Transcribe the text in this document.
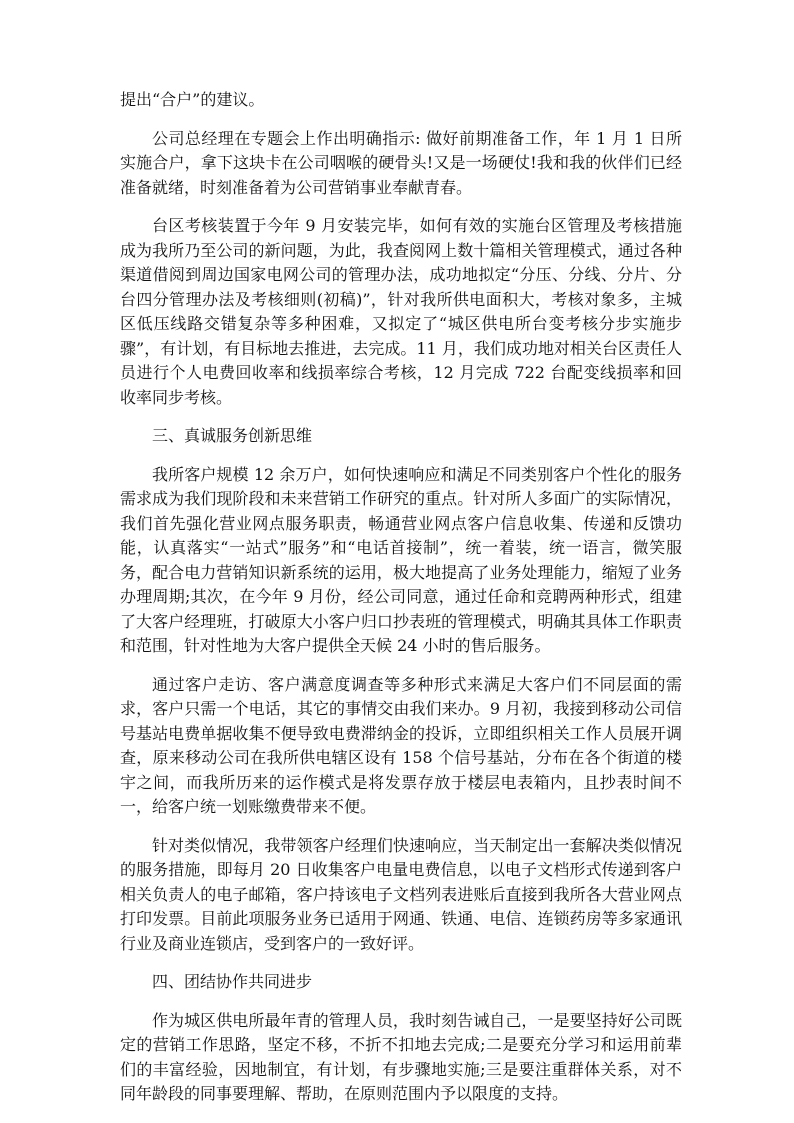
提出“合户”的建议。

公司总经理在专题会上作出明确指示: 做好前期准备工作，年 1 月 1 日所实施合户，拿下这块卡在公司咽喉的硬骨头!又是一场硬仗!我和我的伙伴们已经准备就绪，时刻准备着为公司营销事业奉献青春。

台区考核装置于今年 9 月安装完毕，如何有效的实施台区管理及考核措施成为我所乃至公司的新问题，为此，我查阅网上数十篇相关管理模式，通过各种渠道借阅到周边国家电网公司的管理办法，成功地拟定“分压、分线、分片、分台四分管理办法及考核细则(初稿)”，针对我所供电面积大，考核对象多，主城区低压线路交错复杂等多种困难，又拟定了“城区供电所台变考核分步实施步骤”，有计划，有目标地去推进，去完成。11 月，我们成功地对相关台区责任人员进行个人电费回收率和线损率综合考核，12 月完成 722 台配变线损率和回收率同步考核。

三、真诚服务创新思维

我所客户规模 12 余万户，如何快速响应和满足不同类别客户个性化的服务需求成为我们现阶段和未来营销工作研究的重点。针对所人多面广的实际情况，我们首先强化营业网点服务职责，畅通营业网点客户信息收集、传递和反馈功能，认真落实“一站式”服务”和“电话首接制”，统一着装，统一语言，微笑服务，配合电力营销知识新系统的运用，极大地提高了业务处理能力，缩短了业务办理周期;其次，在今年 9 月份，经公司同意，通过任命和竞聘两种形式，组建了大客户经理班，打破原大小客户归口抄表班的管理模式，明确其具体工作职责和范围，针对性地为大客户提供全天候 24 小时的售后服务。

通过客户走访、客户满意度调查等多种形式来满足大客户们不同层面的需求，客户只需一个电话，其它的事情交由我们来办。9 月初，我接到移动公司信号基站电费单据收集不便导致电费滞纳金的投诉，立即组织相关工作人员展开调查，原来移动公司在我所供电辖区设有 158 个信号基站，分布在各个街道的楼宇之间，而我所历来的运作模式是将发票存放于楼层电表箱内，且抄表时间不一，给客户统一划账缴费带来不便。

针对类似情况，我带领客户经理们快速响应，当天制定出一套解决类似情况的服务措施，即每月 20 日收集客户电量电费信息，以电子文档形式传递到客户相关负责人的电子邮箱，客户持该电子文档列表进账后直接到我所各大营业网点打印发票。目前此项服务业务已适用于网通、铁通、电信、连锁药房等多家通讯行业及商业连锁店，受到客户的一致好评。

四、团结协作共同进步

作为城区供电所最年青的管理人员，我时刻告诫自己，一是要坚持好公司既定的营销工作思路，坚定不移，不折不扣地去完成;二是要充分学习和运用前辈们的丰富经验，因地制宜，有计划，有步骤地实施;三是要注重群体关系，对不同年龄段的同事要理解、帮助，在原则范围内予以限度的支持。
